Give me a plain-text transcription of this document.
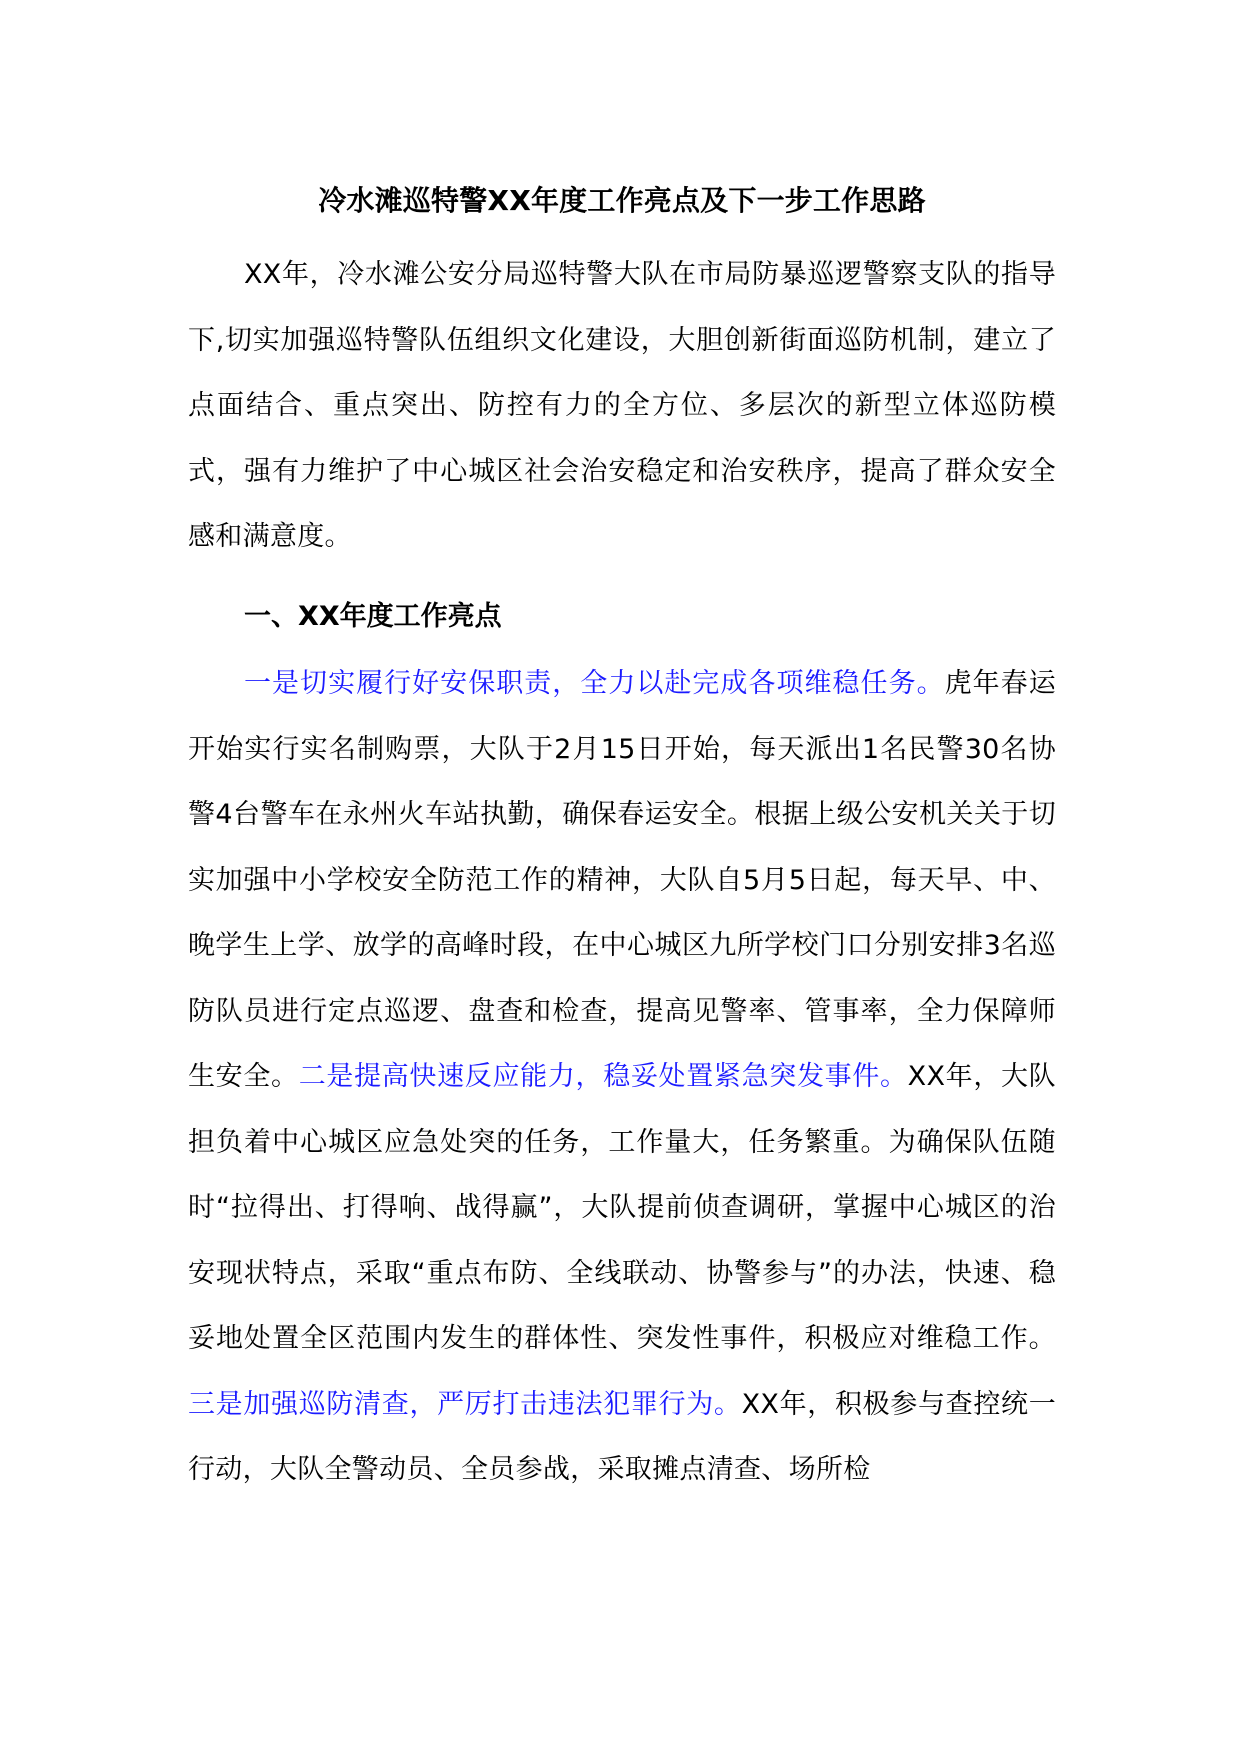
冷水滩巡特警XX年度工作亮点及下一步工作思路

XX年，冷水滩公安分局巡特警大队在市局防暴巡逻警察支队的指导下,切实加强巡特警队伍组织文化建设，大胆创新街面巡防机制，建立了点面结合、重点突出、防控有力的全方位、多层次的新型立体巡防模式，强有力维护了中心城区社会治安稳定和治安秩序，提高了群众安全感和满意度。

一、XX年度工作亮点

一是切实履行好安保职责，全力以赴完成各项维稳任务。虎年春运开始实行实名制购票，大队于2月15日开始，每天派出1名民警30名协警4台警车在永州火车站执勤，确保春运安全。根据上级公安机关关于切实加强中小学校安全防范工作的精神，大队自5月5日起，每天早、中、晚学生上学、放学的高峰时段，在中心城区九所学校门口分别安排3名巡防队员进行定点巡逻、盘查和检查，提高见警率、管事率，全力保障师生安全。二是提高快速反应能力，稳妥处置紧急突发事件。XX年，大队担负着中心城区应急处突的任务，工作量大，任务繁重。为确保队伍随时“拉得出、打得响、战得赢”，大队提前侦查调研，掌握中心城区的治安现状特点，采取“重点布防、全线联动、协警参与”的办法，快速、稳妥地处置全区范围内发生的群体性、突发性事件，积极应对维稳工作。三是加强巡防清查，严厉打击违法犯罪行为。XX年，积极参与查控统一行动，大队全警动员、全员参战，采取摊点清查、场所检
